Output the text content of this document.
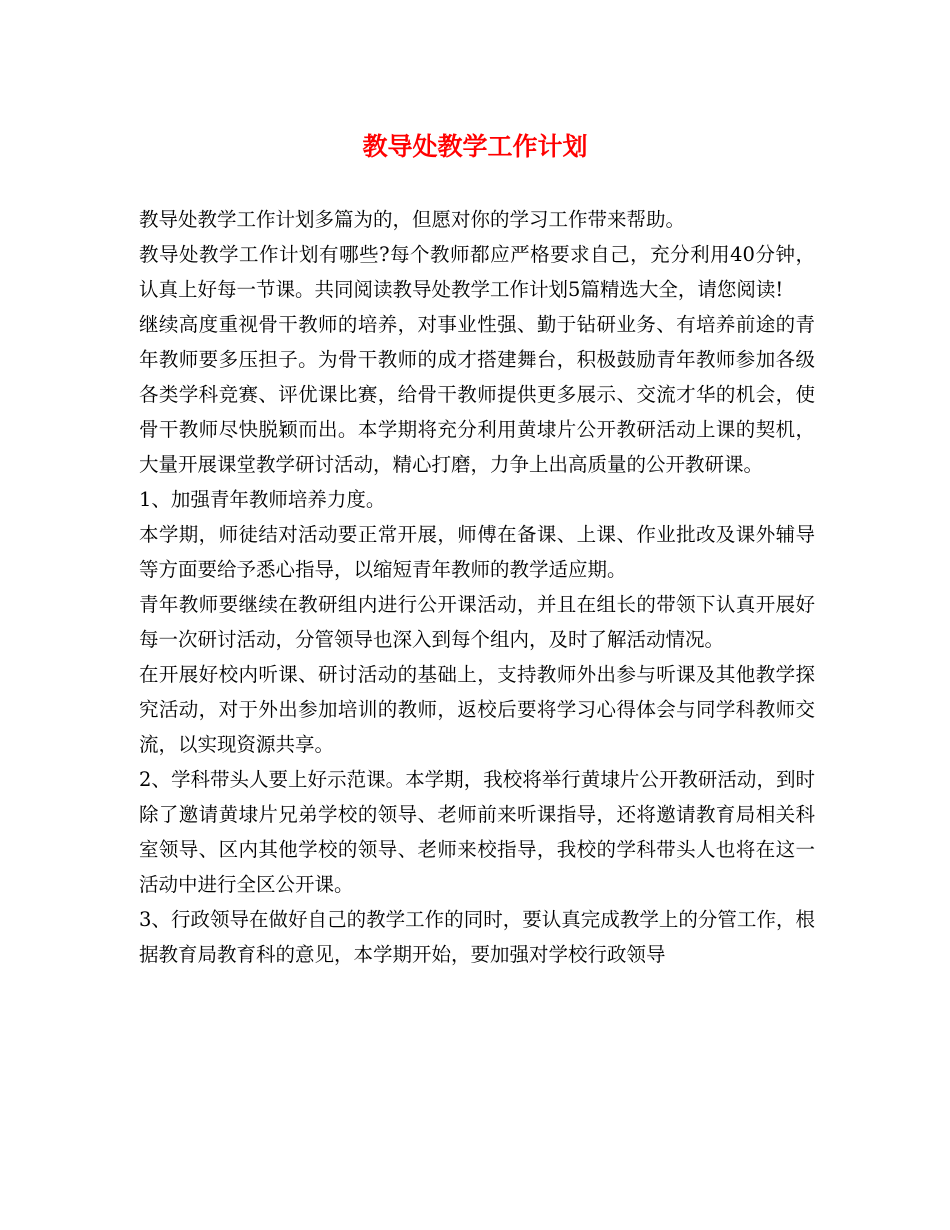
教导处教学工作计划

教导处教学工作计划多篇为的，但愿对你的学习工作带来帮助。

教导处教学工作计划有哪些?每个教师都应严格要求自己，充分利用40分钟，认真上好每一节课。共同阅读教导处教学工作计划5篇精选大全，请您阅读!

继续高度重视骨干教师的培养，对事业性强、勤于钻研业务、有培养前途的青年教师要多压担子。为骨干教师的成才搭建舞台，积极鼓励青年教师参加各级各类学科竞赛、评优课比赛，给骨干教师提供更多展示、交流才华的机会，使骨干教师尽快脱颖而出。本学期将充分利用黄埭片公开教研活动上课的契机，大量开展课堂教学研讨活动，精心打磨，力争上出高质量的公开教研课。

1、加强青年教师培养力度。

本学期，师徒结对活动要正常开展，师傅在备课、上课、作业批改及课外辅导等方面要给予悉心指导，以缩短青年教师的教学适应期。

青年教师要继续在教研组内进行公开课活动，并且在组长的带领下认真开展好每一次研讨活动，分管领导也深入到每个组内，及时了解活动情况。

在开展好校内听课、研讨活动的基础上，支持教师外出参与听课及其他教学探究活动，对于外出参加培训的教师，返校后要将学习心得体会与同学科教师交流，以实现资源共享。

2、学科带头人要上好示范课。本学期，我校将举行黄埭片公开教研活动，到时除了邀请黄埭片兄弟学校的领导、老师前来听课指导，还将邀请教育局相关科室领导、区内其他学校的领导、老师来校指导，我校的学科带头人也将在这一活动中进行全区公开课。

3、行政领导在做好自己的教学工作的同时，要认真完成教学上的分管工作，根据教育局教育科的意见，本学期开始，要加强对学校行政领导
